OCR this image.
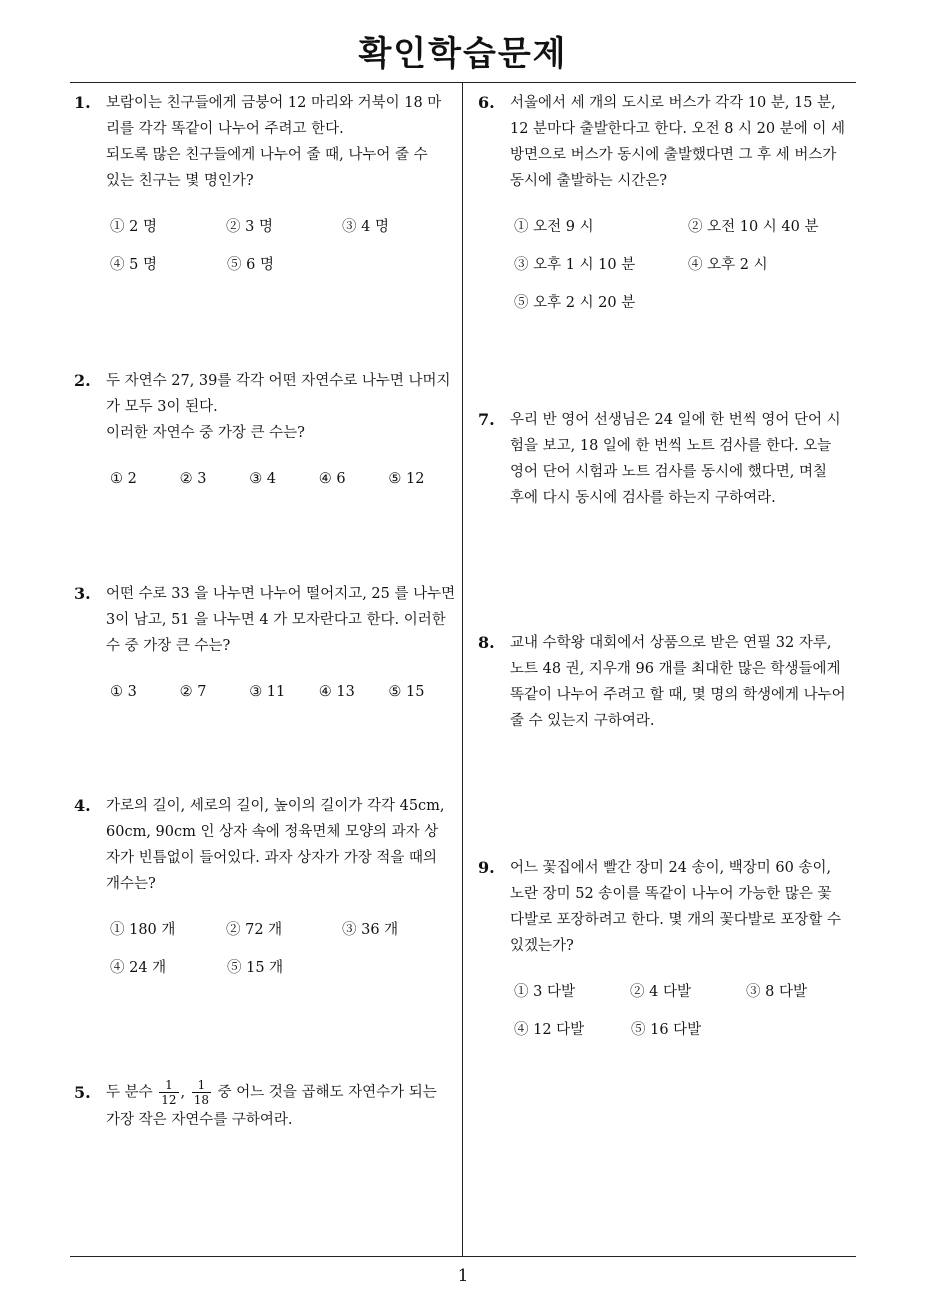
확인학습문제
1.	보람이는 친구들에게 금붕어 12 마리와 거북이 18 마
리를 각각 똑같이 나누어 주려고 한다.
되도록 많은 친구들에게 나누어 줄 때, 나누어 줄 수
있는 친구는 몇 명인가?
① 2 명	② 3 명	③ 4 명
④ 5 명	⑤ 6 명
2.	두 자연수 27, 39를 각각 어떤 자연수로 나누면 나머지
가 모두 3이 된다.
이러한 자연수 중 가장 큰 수는?
① 2	② 3	③ 4	④ 6	⑤ 12
3.	어떤 수로 33 을 나누면 나누어 떨어지고, 25 를 나누면
3이 남고, 51 을 나누면 4 가 모자란다고 한다. 이러한
수 중 가장 큰 수는?
① 3	② 7	③ 11	④ 13	⑤ 15
4.	가로의 길이, 세로의 길이, 높이의 길이가 각각 45cm,
60cm, 90cm 인 상자 속에 정육면체 모양의 과자 상
자가 빈틈없이 들어있다. 과자 상자가 가장 적을 때의
개수는?
① 180 개	② 72 개	③ 36 개
④ 24 개	⑤ 15 개
5.	두 분수 $\frac{1}{12}$ , $\frac{1}{18}$ 중 어느 것을 곱해도 자연수가 되는
가장 작은 자연수를 구하여라.
6.	서울에서 세 개의 도시로 버스가 각각 10 분, 15 분,
12 분마다 출발한다고 한다. 오전 8 시 20 분에 이 세
방면으로 버스가 동시에 출발했다면 그 후 세 버스가
동시에 출발하는 시간은?
① 오전 9 시	② 오전 10 시 40 분
③ 오후 1 시 10 분	④ 오후 2 시
⑤ 오후 2 시 20 분
7.	우리 반 영어 선생님은 24 일에 한 번씩 영어 단어 시
험을 보고, 18 일에 한 번씩 노트 검사를 한다. 오늘
영어 단어 시험과 노트 검사를 동시에 했다면, 며칠
후에 다시 동시에 검사를 하는지 구하여라.
8.	교내 수학왕 대회에서 상품으로 받은 연필 32 자루,
노트 48 권, 지우개 96 개를 최대한 많은 학생들에게
똑같이 나누어 주려고 할 때, 몇 명의 학생에게 나누어
줄 수 있는지 구하여라.
9.	어느 꽃집에서 빨간 장미 24 송이, 백장미 60 송이,
노란 장미 52 송이를 똑같이 나누어 가능한 많은 꽃
다발로 포장하려고 한다. 몇 개의 꽃다발로 포장할 수
있겠는가?
① 3 다발	② 4 다발	③ 8 다발
④ 12 다발	⑤ 16 다발
1
